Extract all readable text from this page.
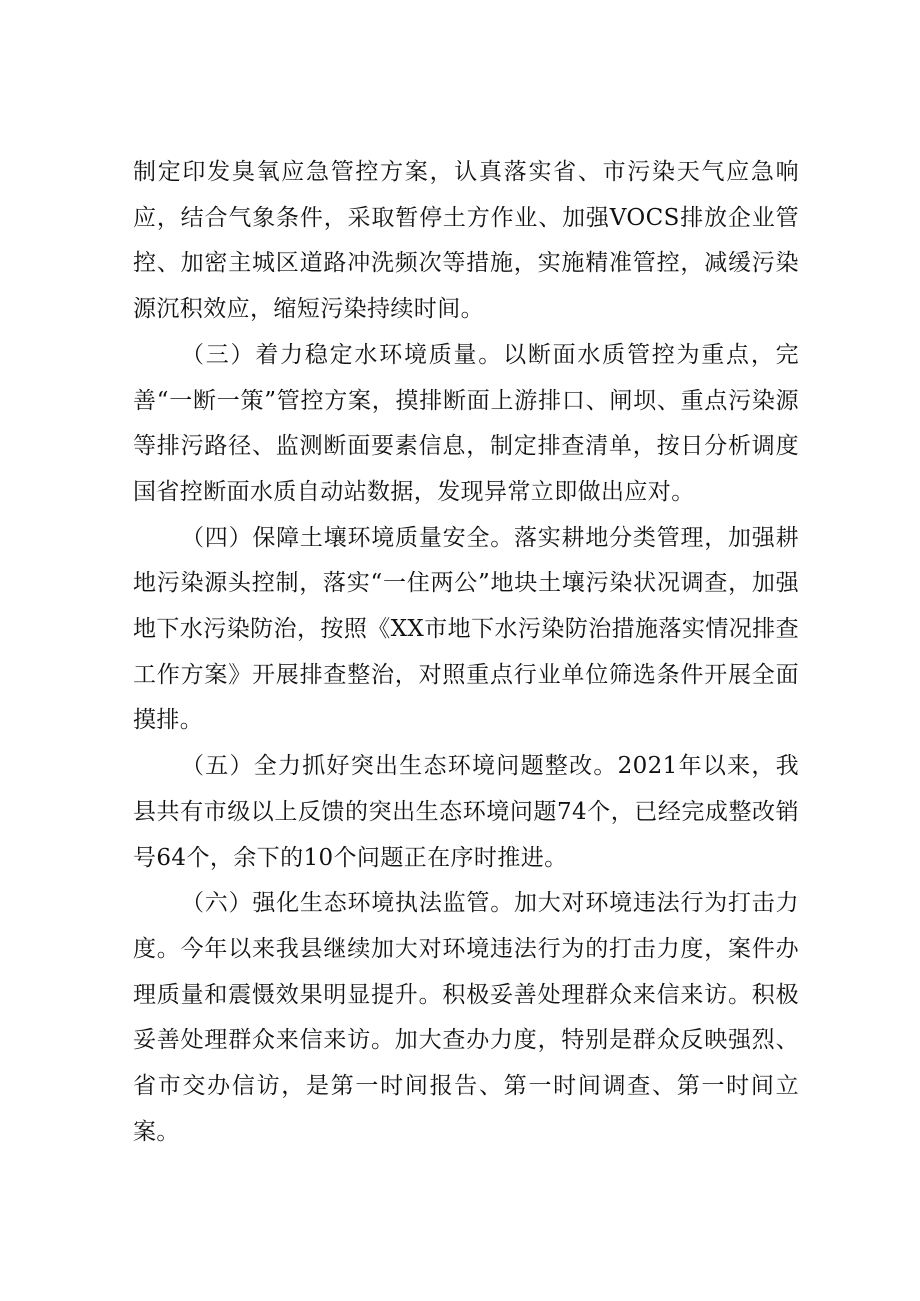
制定印发臭氧应急管控方案，认真落实省、市污染天气应急响应，结合气象条件，采取暂停土方作业、加强VOCS排放企业管控、加密主城区道路冲洗频次等措施，实施精准管控，减缓污染源沉积效应，缩短污染持续时间。

（三）着力稳定水环境质量。以断面水质管控为重点，完善“一断一策”管控方案，摸排断面上游排口、闸坝、重点污染源等排污路径、监测断面要素信息，制定排查清单，按日分析调度国省控断面水质自动站数据，发现异常立即做出应对。

（四）保障土壤环境质量安全。落实耕地分类管理，加强耕地污染源头控制，落实“一住两公”地块土壤污染状况调查，加强地下水污染防治，按照《XX市地下水污染防治措施落实情况排查工作方案》开展排查整治，对照重点行业单位筛选条件开展全面摸排。

（五）全力抓好突出生态环境问题整改。2021年以来，我县共有市级以上反馈的突出生态环境问题74个，已经完成整改销号64个，余下的10个问题正在序时推进。

（六）强化生态环境执法监管。加大对环境违法行为打击力度。今年以来我县继续加大对环境违法行为的打击力度，案件办理质量和震慑效果明显提升。积极妥善处理群众来信来访。积极妥善处理群众来信来访。加大查办力度，特别是群众反映强烈、省市交办信访，是第一时间报告、第一时间调查、第一时间立案。
